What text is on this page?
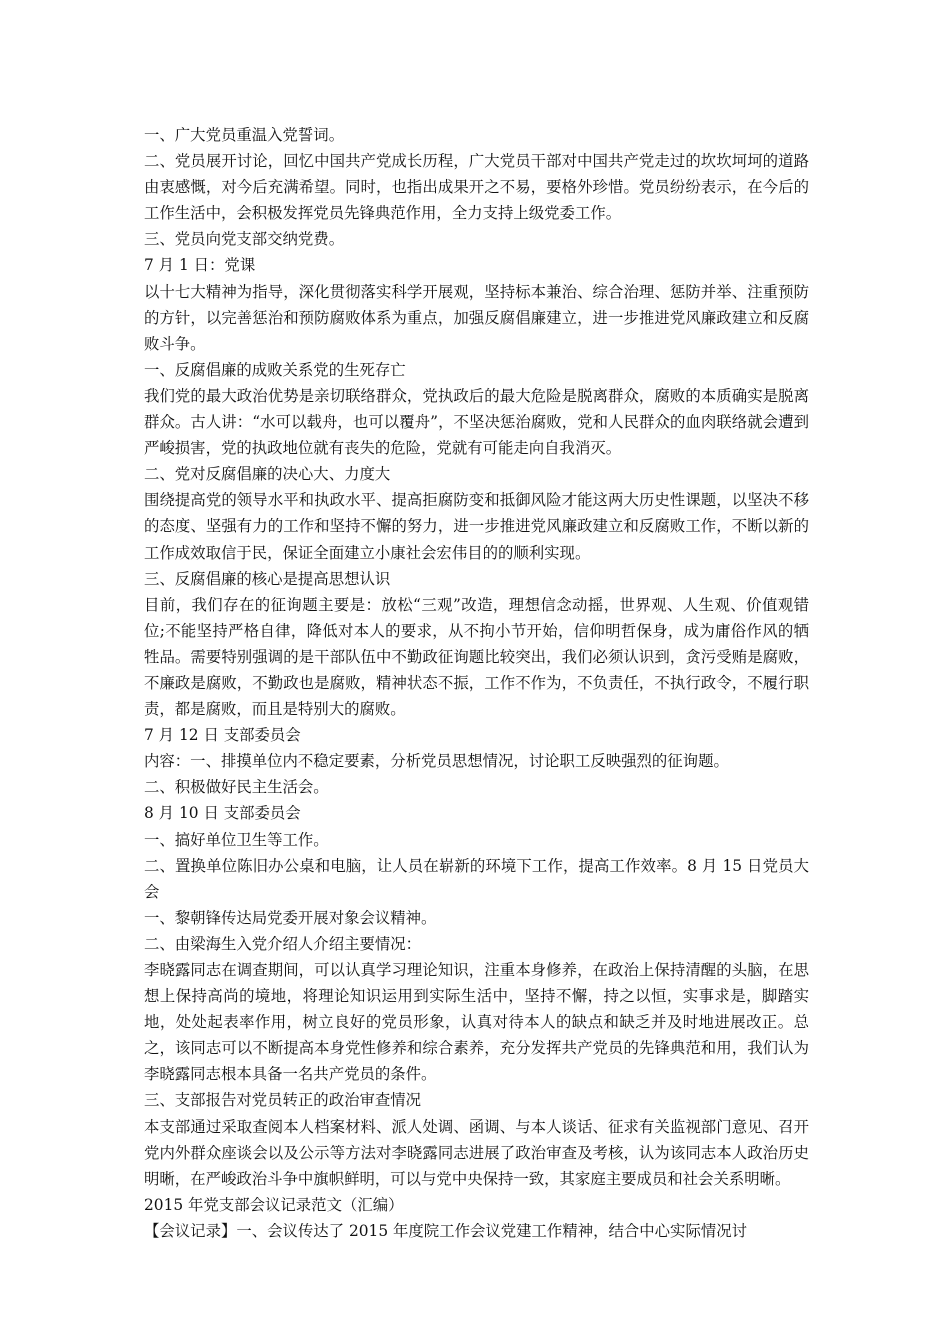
一、广大党员重温入党誓词。

二、党员展开讨论，回忆中国共产党成长历程，广大党员干部对中国共产党走过的坎坎坷坷的道路由衷感慨，对今后充满希望。同时，也指出成果开之不易，要格外珍惜。党员纷纷表示，在今后的工作生活中，会积极发挥党员先锋典范作用，全力支持上级党委工作。

三、党员向党支部交纳党费。

7 月 1 日：党课

以十七大精神为指导，深化贯彻落实科学开展观，坚持标本兼治、综合治理、惩防并举、注重预防的方针，以完善惩治和预防腐败体系为重点，加强反腐倡廉建立，进一步推进党风廉政建立和反腐败斗争。

一、反腐倡廉的成败关系党的生死存亡

我们党的最大政治优势是亲切联络群众，党执政后的最大危险是脱离群众，腐败的本质确实是脱离群众。古人讲：“水可以载舟，也可以覆舟”，不坚决惩治腐败，党和人民群众的血肉联络就会遭到严峻损害，党的执政地位就有丧失的危险，党就有可能走向自我消灭。

二、党对反腐倡廉的决心大、力度大

围绕提高党的领导水平和执政水平、提高拒腐防变和抵御风险才能这两大历史性课题，以坚决不移的态度、坚强有力的工作和坚持不懈的努力，进一步推进党风廉政建立和反腐败工作，不断以新的工作成效取信于民，保证全面建立小康社会宏伟目的的顺利实现。

三、反腐倡廉的核心是提高思想认识

目前，我们存在的征询题主要是：放松“三观”改造，理想信念动摇，世界观、人生观、价值观错位;不能坚持严格自律，降低对本人的要求，从不拘小节开始，信仰明哲保身，成为庸俗作风的牺牲品。需要特别强调的是干部队伍中不勤政征询题比较突出，我们必须认识到，贪污受贿是腐败，不廉政是腐败，不勤政也是腐败，精神状态不振，工作不作为，不负责任，不执行政令，不履行职责，都是腐败，而且是特别大的腐败。

7 月 12 日 支部委员会

内容：一、排摸单位内不稳定要素，分析党员思想情况，讨论职工反映强烈的征询题。

二、积极做好民主生活会。

8 月 10 日 支部委员会

一、搞好单位卫生等工作。

二、置换单位陈旧办公桌和电脑，让人员在崭新的环境下工作，提高工作效率。8 月 15 日党员大会

一、黎朝锋传达局党委开展对象会议精神。

二、由梁海生入党介绍人介绍主要情况：

李晓露同志在调查期间，可以认真学习理论知识，注重本身修养，在政治上保持清醒的头脑，在思想上保持高尚的境地，将理论知识运用到实际生活中，坚持不懈，持之以恒，实事求是，脚踏实地，处处起表率作用，树立良好的党员形象，认真对待本人的缺点和缺乏并及时地进展改正。总之，该同志可以不断提高本身党性修养和综合素养，充分发挥共产党员的先锋典范和用，我们认为李晓露同志根本具备一名共产党员的条件。

三、支部报告对党员转正的政治审查情况

本支部通过采取查阅本人档案材料、派人处调、函调、与本人谈话、征求有关监视部门意见、召开党内外群众座谈会以及公示等方法对李晓露同志进展了政治审查及考核，认为该同志本人政治历史明晰，在严峻政治斗争中旗帜鲜明，可以与党中央保持一致，其家庭主要成员和社会关系明晰。

2015 年党支部会议记录范文（汇编）

【会议记录】一、会议传达了 2015 年度院工作会议党建工作精神，结合中心实际情况讨
